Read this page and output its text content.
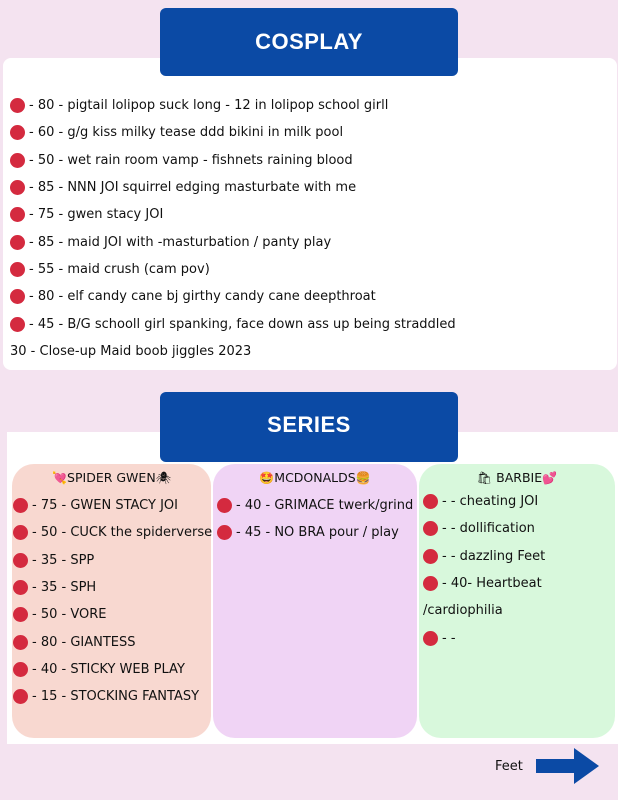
COSPLAY
- 80 - pigtail lolipop suck long - 12 in lolipop school girll
- 60 - g/g kiss milky tease ddd bikini in milk pool
- 50 - wet rain room vamp - fishnets raining blood
- 85 - NNN JOI squirrel edging masturbate with me
- 75 - gwen stacy JOI
- 85 - maid JOI with -masturbation / panty play
- 55 - maid crush (cam pov)
- 80 - elf candy cane bj girthy candy cane deepthroat
- 45 - B/G schooll girl spanking, face down ass up being straddled
30 - Close-up Maid boob jiggles 2023
SERIES
💘SPIDER GWEN🕷
- 75 - GWEN STACY JOI
- 50 - CUCK the spiderverse
- 35 - SPP
- 35 - SPH
- 50 - VORE
- 80 - GIANTESS
- 40 - STICKY WEB PLAY
- 15 - STOCKING FANTASY
🤩MCDONALDS🍔
- 40 - GRIMACE twerk/grind
- 45 - NO BRA pour / play
🛍 BARBIE💕
- - cheating JOI
- - dollification
- - dazzling Feet
- 40- Heartbeat
/cardiophilia
- -
Feet
